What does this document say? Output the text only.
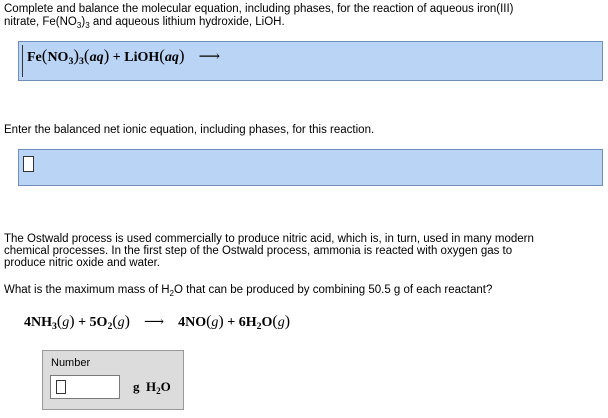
Complete and balance the molecular equation, including phases, for the reaction of aqueous iron(III)

nitrate, $Fe(NO_3)_3$ and aqueous lithium hydroxide, LiOH.

$Fe(NO_3)_3(aq)$ + LiOH(aq) ⟶

Enter the balanced net ionic equation, including phases, for this reaction.

The Ostwald process is used commercially to produce nitric acid, which is, in turn, used in many modern

chemical processes. In the first step of the Ostwald process, ammonia is reacted with oxygen gas to

produce nitric oxide and water.

What is the maximum mass of $H_2O$ that can be produced by combining 50.5 g of each reactant?

$4NH_3(g) + 5O_2(g)$ ⟶ $4NO(g) + 6H_2O(g)$
Number
g $H_2O$
